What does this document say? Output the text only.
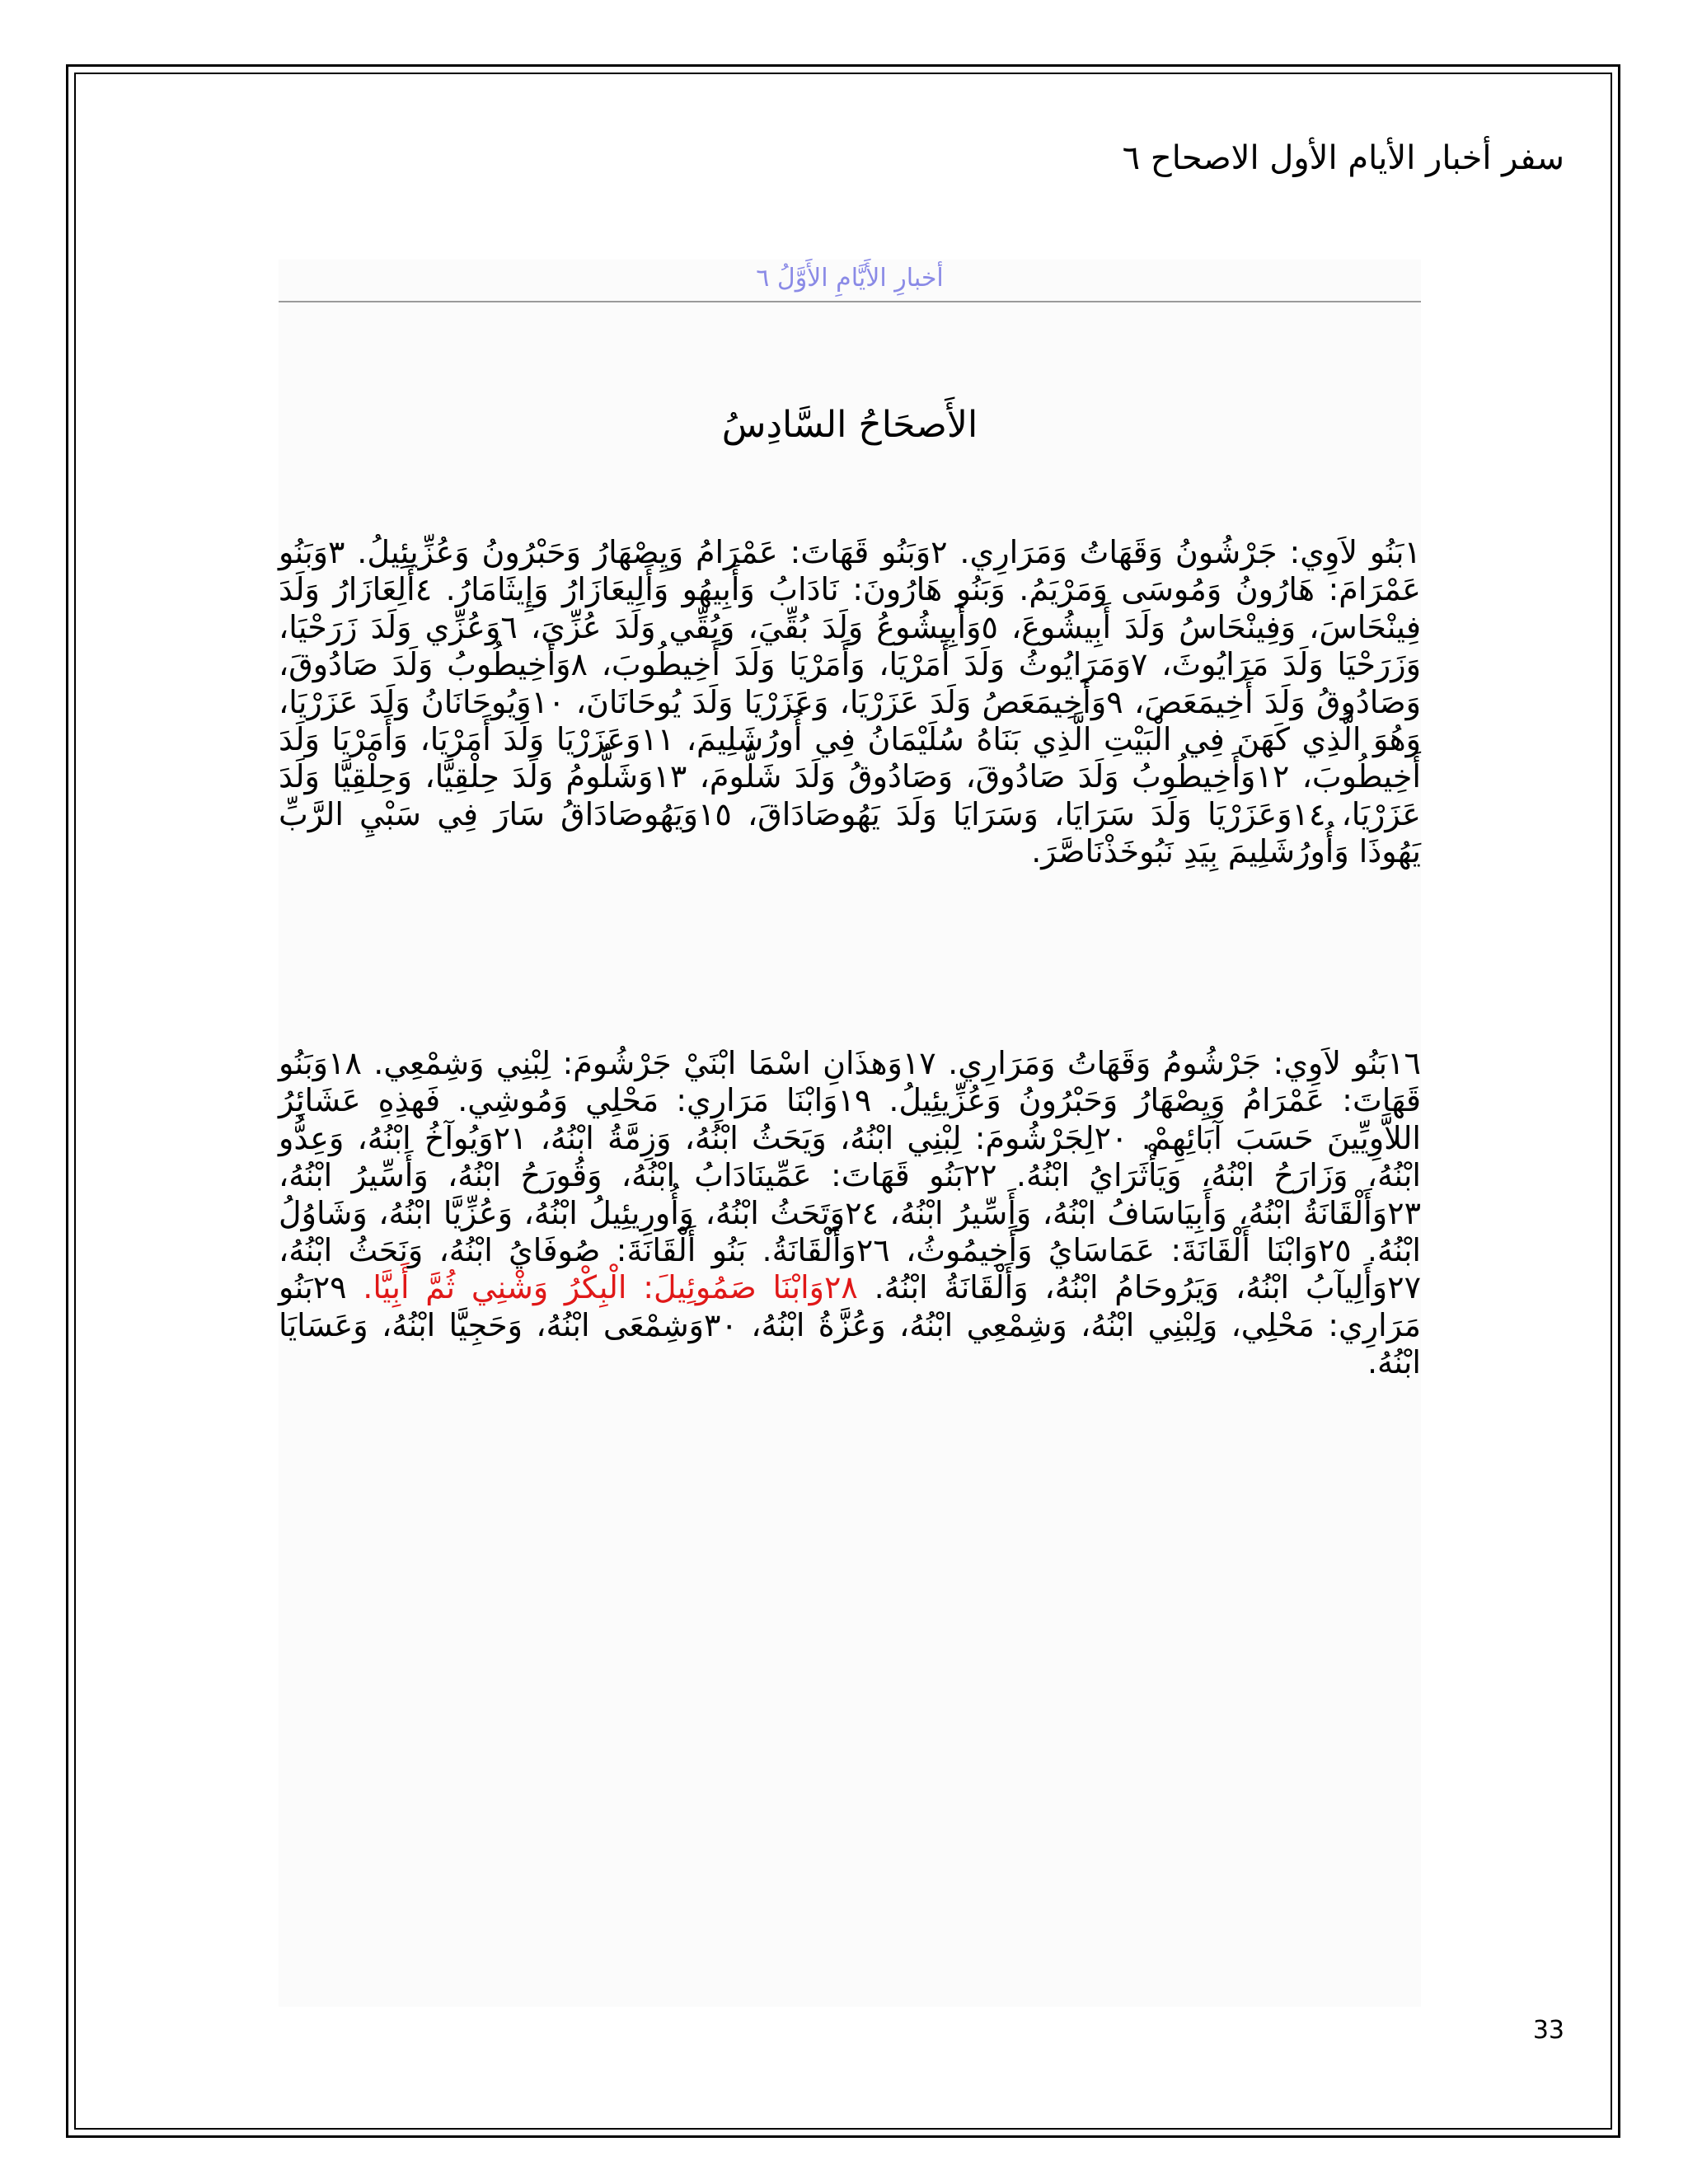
سفر أخبار الأيام الأول الاصحاح ٦
أخبارِ الأَيَّامِ الأَوَّلُ ٦
الأَصحَاحُ السَّادِسُ
١بَنُو لاَوِي: جَرْشُونُ وَقَهَاتُ وَمَرَارِي. ٢وَبَنُو قَهَاتَ: عَمْرَامُ وَيِصْهَارُ وَحَبْرُونُ وَعُزِّيئِيلُ. ٣وَبَنُو عَمْرَامَ: هَارُونُ وَمُوسَى وَمَرْيَمُ. وَبَنُو هَارُونَ: نَادَابُ وَأَبِيهُو وَأَلِيعَازَارُ وَإِيثَامَارُ. ٤أَلِعَازَارُ وَلَدَ فِينْحَاسَ، وَفِينْحَاسُ وَلَدَ أَبِيشُوعَ، ٥وَأَبِيشُوعُ وَلَدَ بُقِّيَ، وَبُقِّي وَلَدَ عُزِّيَ، ٦وَعُزِّي وَلَدَ زَرَحْيَا، وَزَرَحْيَا وَلَدَ مَرَايُوثَ، ٧وَمَرَايُوثُ وَلَدَ أَمَرْيَا، وَأَمَرْيَا وَلَدَ أَخِيطُوبَ، ٨وَأَخِيطُوبُ وَلَدَ صَادُوقَ، وَصَادُوقُ وَلَدَ أَخِيمَعَصَ، ٩وَأَخِيمَعَصُ وَلَدَ عَزَرْيَا، وَعَزَرْيَا وَلَدَ يُوحَانَانَ، ١٠وَيُوحَانَانُ وَلَدَ عَزَرْيَا، وَهُوَ الَّذِي كَهَنَ فِي الْبَيْتِ الَّذِي بَنَاهُ سُلَيْمَانُ فِي أُورُشَلِيمَ، ١١وَعَزَرْيَا وَلَدَ أَمَرْيَا، وَأَمَرْيَا وَلَدَ أَخِيطُوبَ، ١٢وَأَخِيطُوبُ وَلَدَ صَادُوقَ، وَصَادُوقُ وَلَدَ شَلُّومَ، ١٣وَشَلُّومُ وَلَدَ حِلْقِيَّا، وَحِلْقِيَّا وَلَدَ عَزَرْيَا، ١٤وَعَزَرْيَا وَلَدَ سَرَايَا، وَسَرَايَا وَلَدَ يَهُوصَادَاقَ، ١٥وَيَهُوصَادَاقُ سَارَ فِي سَبْيِ الرَّبِّ يَهُوذَا وَأُورُشَلِيمَ بِيَدِ نَبُوخَذْنَاصَّرَ.
١٦بَنُو لاَوِي: جَرْشُومُ وَقَهَاتُ وَمَرَارِي. ١٧وَهذَانِ اسْمَا ابْنَيْ جَرْشُومَ: لِبْنِي وَشِمْعِي. ١٨وَبَنُو قَهَاتَ: عَمْرَامُ وَيِصْهَارُ وَحَبْرُونُ وَعُزِّيئِيلُ. ١٩وَابْنَا مَرَارِي: مَحْلِي وَمُوشِي. فَهذِهِ عَشَائِرُ اللاَّوِيِّينَ حَسَبَ آبَائِهِمْ. ٢٠لِجَرْشُومَ: لِبْنِي ابْنُهُ، وَيَحَثُ ابْنُهُ، وَزِمَّةُ ابْنُهُ، ٢١وَيُوآخُ ابْنُهُ، وَعِدُّو ابْنُهُ، وَزَارَحُ ابْنُهُ، وَيَأْثَرَايُ ابْنُهُ. ٢٢بَنُو قَهَاتَ: عَمِّينَادَابُ ابْنُهُ، وَقُورَحُ ابْنُهُ، وَأَسِّيرُ ابْنُهُ، ٢٣وَأَلْقَانَةُ ابْنُهُ، وَأَبِيَاسَافُ ابْنُهُ، وَأَسِّيرُ ابْنُهُ، ٢٤وَتَحَثُ ابْنُهُ، وَأُورِيئِيلُ ابْنُهُ، وَعُزِّيَّا ابْنُهُ، وَشَاوُلُ ابْنُهُ. ٢٥وَابْنَا أَلْقَانَةَ: عَمَاسَايُ وَأَخِيمُوثُ، ٢٦وَأَلْقَانَةُ. بَنُو أَلْقَانَةَ: صُوفَايُ ابْنُهُ، وَنَحَثُ ابْنُهُ، ٢٧وَأَلِيآبُ ابْنُهُ، وَيَرُوحَامُ ابْنُهُ، وَأَلْقَانَةُ ابْنُهُ. ٢٨وَابْنَا صَمُوئِيلَ: الْبِكْرُ وَشْنِي ثُمَّ أَبِيَّا. ٢٩بَنُو مَرَارِي: مَحْلِي، وَلِبْنِي ابْنُهُ، وَشِمْعِي ابْنُهُ، وَعُزَّةُ ابْنُهُ، ٣٠وَشِمْعَى ابْنُهُ، وَحَجِيَّا ابْنُهُ، وَعَسَايَا ابْنُهُ.
33
